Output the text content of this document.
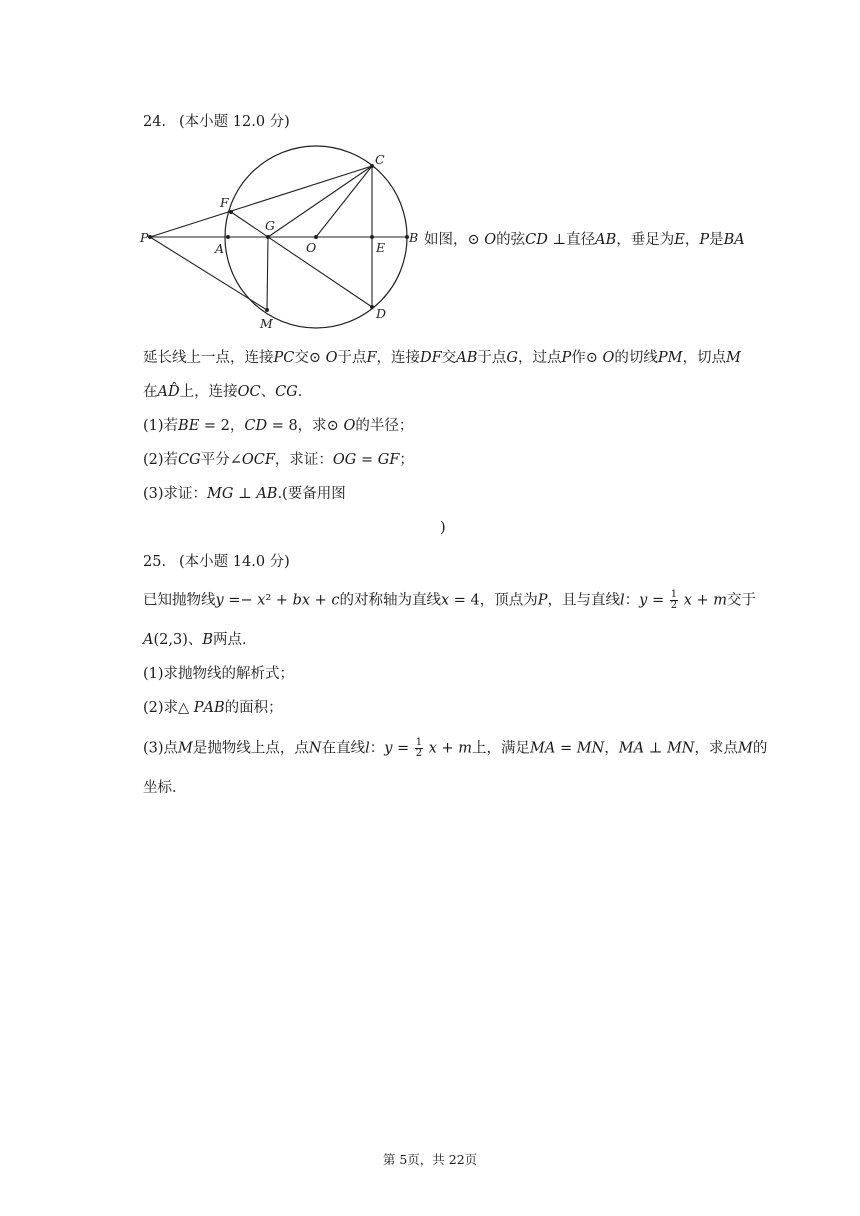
24. (本小题 12.0 分)
P
F
A
G
O
C
E
B
M
D
如图，⊙ 𝑂的弦𝐶𝐷 ⊥直径𝐴𝐵，垂足为𝐸，𝑃是𝐵𝐴
延长线上一点，连接𝑃𝐶交⊙ 𝑂于点𝐹，连接𝐷𝐹交𝐴𝐵于点𝐺，过点𝑃作⊙ 𝑂的切线𝑃𝑀，切点𝑀
在𝐴𝐷̂上，连接𝑂𝐶、𝐶𝐺．
(1)若𝐵𝐸 = 2，𝐶𝐷 = 8，求⊙ 𝑂的半径；
(2)若𝐶𝐺平分∠𝑂𝐶𝐹，求证：𝑂𝐺 = 𝐺𝐹；
(3)求证：𝑀𝐺 ⊥ 𝐴𝐵.(要备用图
)
25. (本小题 14.0 分)
已知抛物线𝑦 =− 𝑥² + 𝑏𝑥 + 𝑐的对称轴为直线𝑥 = 4，顶点为𝑃，且与直线𝑙：𝑦 = $\frac{1}{2}$ 𝑥 + 𝑚交于
𝐴(2,3)、𝐵两点．
(1)求抛物线的解析式；
(2)求△ 𝑃𝐴𝐵的面积；
(3)点𝑀是抛物线上点，点𝑁在直线𝑙：𝑦 = $\frac{1}{2}$ 𝑥 + 𝑚上，满足𝑀𝐴 = 𝑀𝑁，𝑀𝐴 ⊥ 𝑀𝑁，求点𝑀的
坐标．
第 5页，共 22页
